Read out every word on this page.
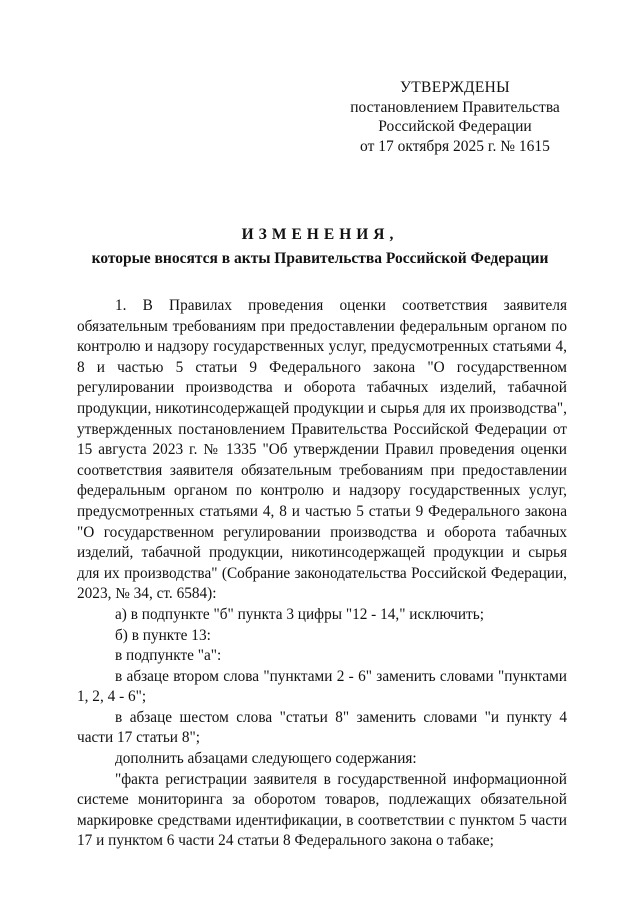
УТВЕРЖДЕНЫ
постановлением Правительства
Российской Федерации
от 17 октября 2025 г. № 1615
ИЗМЕНЕНИЯ,
которые вносятся в акты Правительства Российской Федерации

1. В Правилах проведения оценки соответствия заявителя обязательным требованиям при предоставлении федеральным органом по контролю и надзору государственных услуг, предусмотренных статьями 4, 8 и частью 5 статьи 9 Федерального закона "О государственном регулировании производства и оборота табачных изделий, табачной продукции, никотинсодержащей продукции и сырья для их производства", утвержденных постановлением Правительства Российской Федерации от 15 августа 2023 г. № 1335 "Об утверждении Правил проведения оценки соответствия заявителя обязательным требованиям при предоставлении федеральным органом по контролю и надзору государственных услуг, предусмотренных статьями 4, 8 и частью 5 статьи 9 Федерального закона "О государственном регулировании производства и оборота табачных изделий, табачной продукции, никотинсодержащей продукции и сырья для их производства" (Собрание законодательства Российской Федерации, 2023, № 34, ст. 6584):

а) в подпункте "б" пункта 3 цифры "12 - 14," исключить;

б) в пункте 13:

в подпункте "а":

в абзаце втором слова "пунктами 2 - 6" заменить словами "пунктами 1, 2, 4 - 6";

в абзаце шестом слова "статьи 8" заменить словами "и пункту 4 части 17 статьи 8";

дополнить абзацами следующего содержания:

"факта регистрации заявителя в государственной информационной системе мониторинга за оборотом товаров, подлежащих обязательной маркировке средствами идентификации, в соответствии с пунктом 5 части 17 и пунктом 6 части 24 статьи 8 Федерального закона о табаке;
